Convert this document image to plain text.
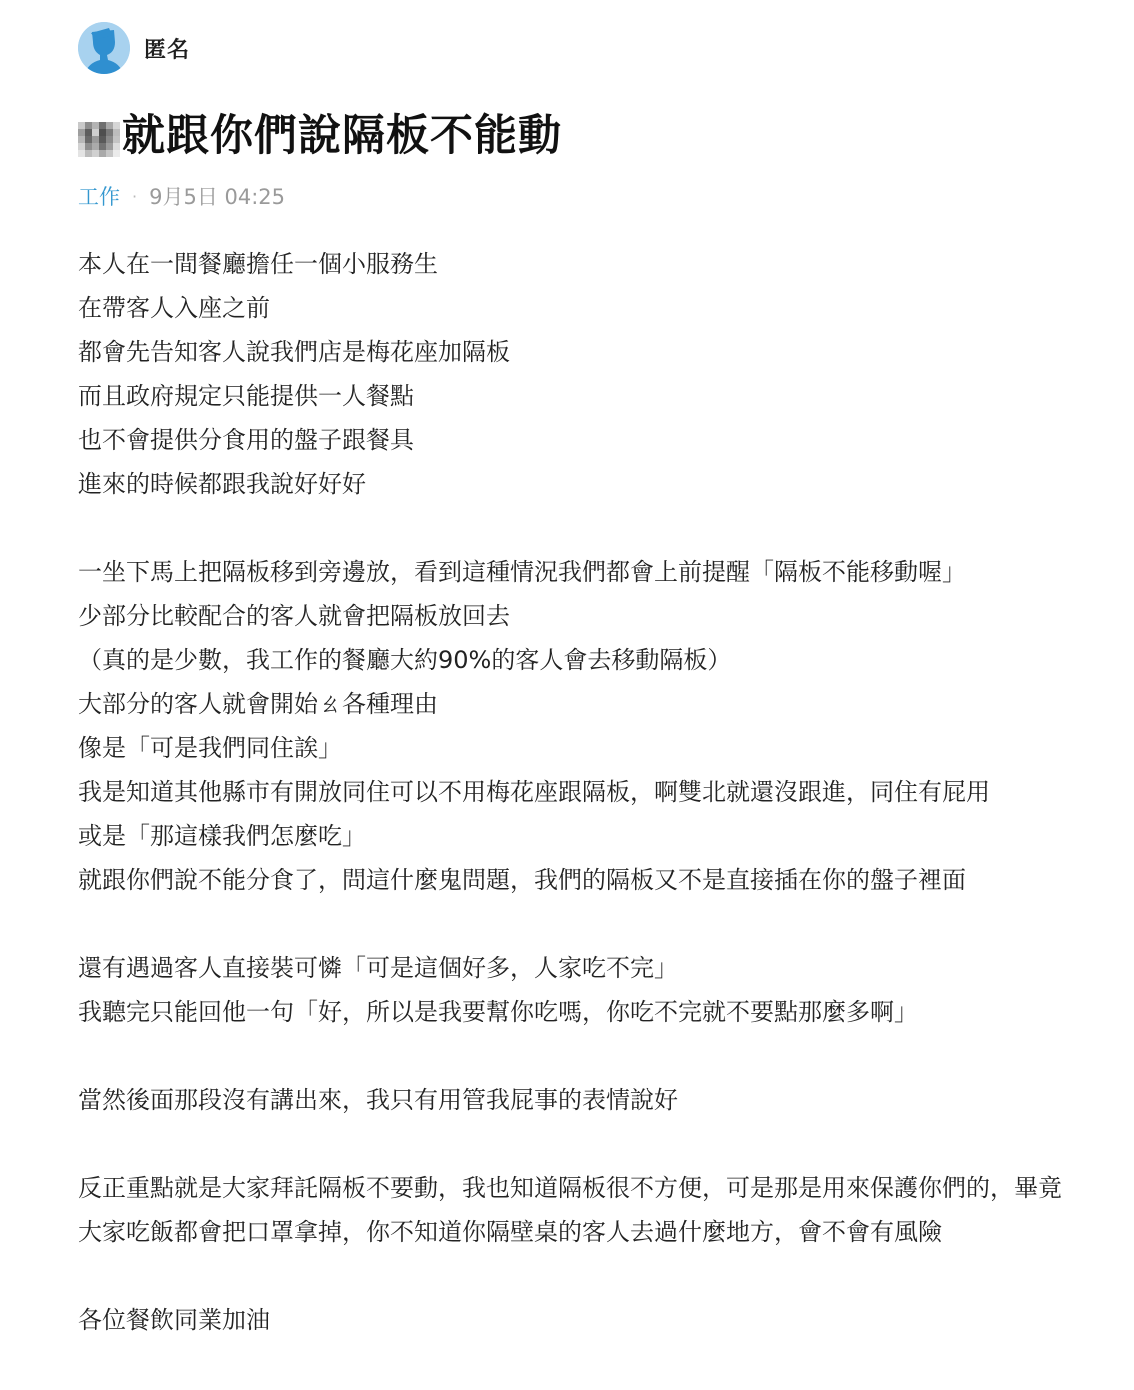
匿名
就跟你們說隔板不能動
工作 · 9月5日 04:25
本人在一間餐廳擔任一個小服務生
在帶客人入座之前
都會先告知客人說我們店是梅花座加隔板
而且政府規定只能提供一人餐點
也不會提供分食用的盤子跟餐具
進來的時候都跟我說好好好
一坐下馬上把隔板移到旁邊放，看到這種情況我們都會上前提醒「隔板不能移動喔」
少部分比較配合的客人就會把隔板放回去
（真的是少數，我工作的餐廳大約90%的客人會去移動隔板）
大部分的客人就會開始ㄠ各種理由
像是「可是我們同住誒」
我是知道其他縣市有開放同住可以不用梅花座跟隔板，啊雙北就還沒跟進，同住有屁用
或是「那這樣我們怎麼吃」
就跟你們說不能分食了，問這什麼鬼問題，我們的隔板又不是直接插在你的盤子裡面
還有遇過客人直接裝可憐「可是這個好多，人家吃不完」
我聽完只能回他一句「好，所以是我要幫你吃嗎，你吃不完就不要點那麼多啊」
當然後面那段沒有講出來，我只有用管我屁事的表情說好
反正重點就是大家拜託隔板不要動，我也知道隔板很不方便，可是那是用來保護你們的，畢竟大家吃飯都會把口罩拿掉，你不知道你隔壁桌的客人去過什麼地方，會不會有風險
各位餐飲同業加油
